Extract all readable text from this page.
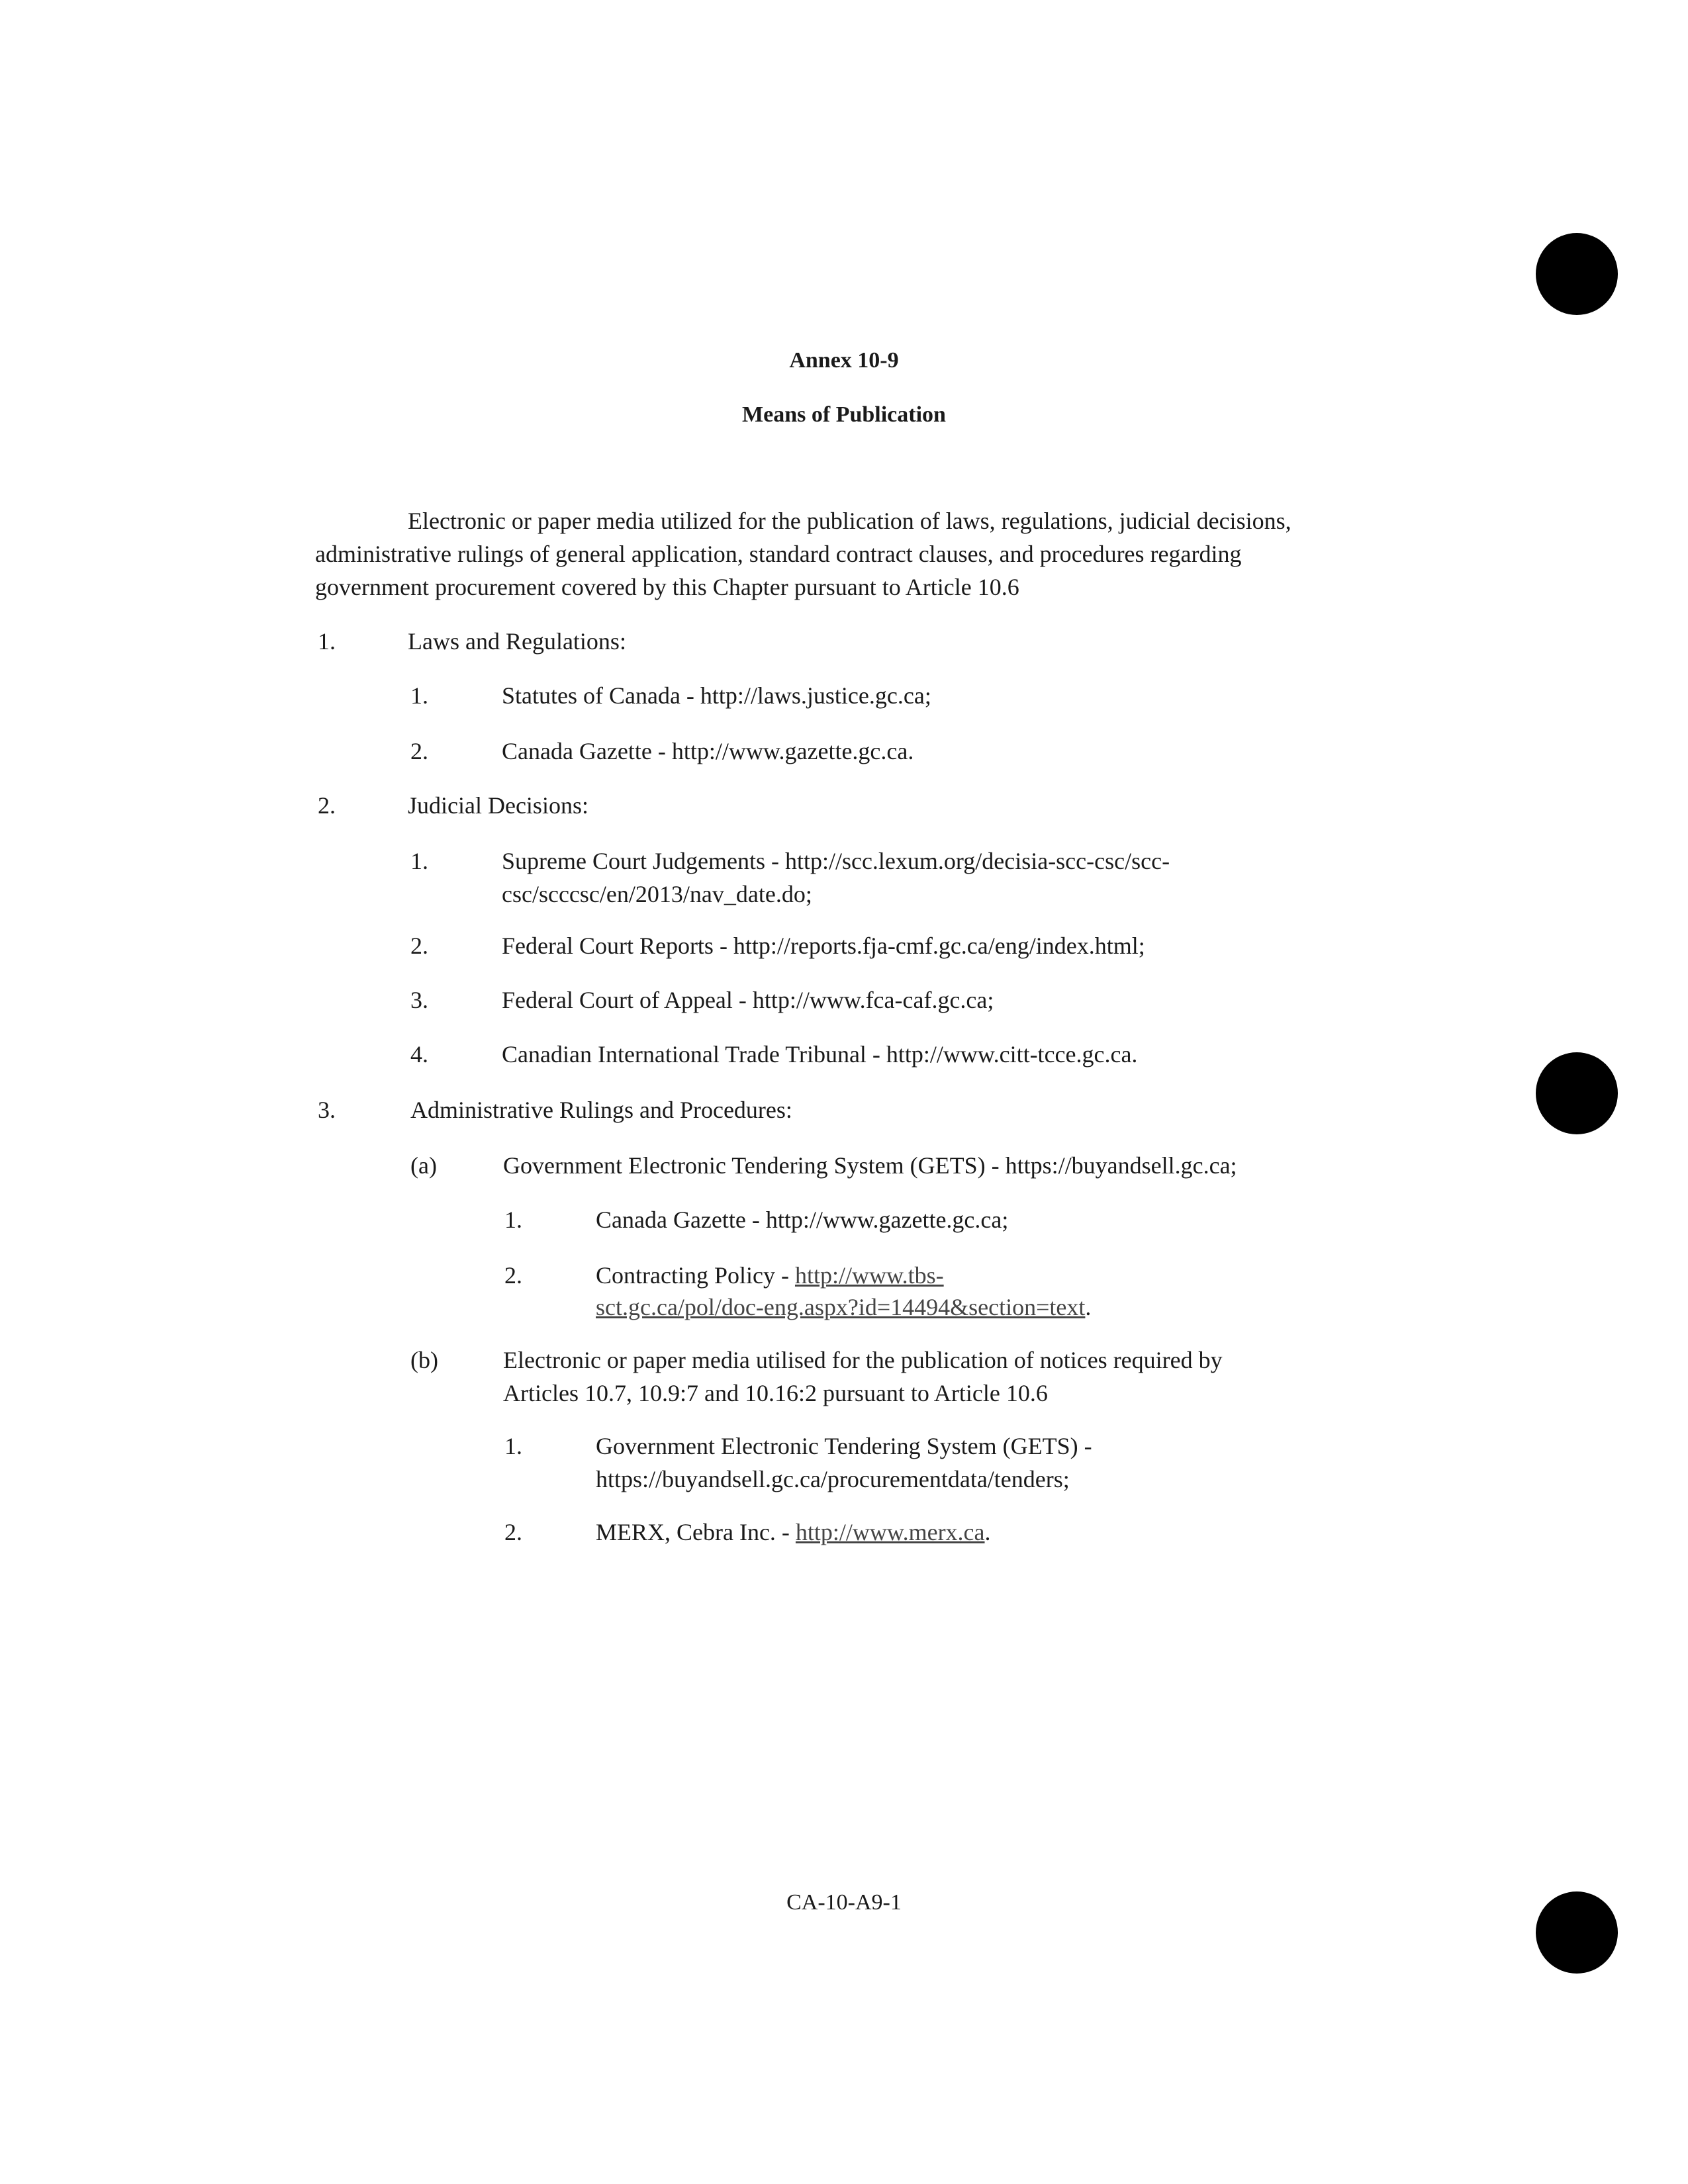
Annex 10-9
Means of Publication
Electronic or paper media utilized for the publication of laws, regulations, judicial decisions, administrative rulings of general application, standard contract clauses, and procedures regarding government procurement covered by this Chapter pursuant to Article 10.6
1.	Laws and Regulations:
1.	Statutes of Canada - http://laws.justice.gc.ca;
2.	Canada Gazette - http://www.gazette.gc.ca.
2.	Judicial Decisions:
1.	Supreme Court Judgements - http://scc.lexum.org/decisia-scc-csc/scc-
csc/scccsc/en/2013/nav_date.do;
2.	Federal Court Reports - http://reports.fja-cmf.gc.ca/eng/index.html;
3.	Federal Court of Appeal - http://www.fca-caf.gc.ca;
4.	Canadian International Trade Tribunal - http://www.citt-tcce.gc.ca.
3.	Administrative Rulings and Procedures:
(a)	Government Electronic Tendering System (GETS) - https://buyandsell.gc.ca;
1.	Canada Gazette - http://www.gazette.gc.ca;
2.	Contracting Policy - http://www.tbs-
sct.gc.ca/pol/doc-eng.aspx?id=14494&section=text.
(b)	Electronic or paper media utilised for the publication of notices required by
Articles 10.7, 10.9:7 and 10.16:2 pursuant to Article 10.6
1.	Government Electronic Tendering System (GETS) -
https://buyandsell.gc.ca/procurementdata/tenders;
2.	MERX, Cebra Inc. - http://www.merx.ca.
CA-10-A9-1
